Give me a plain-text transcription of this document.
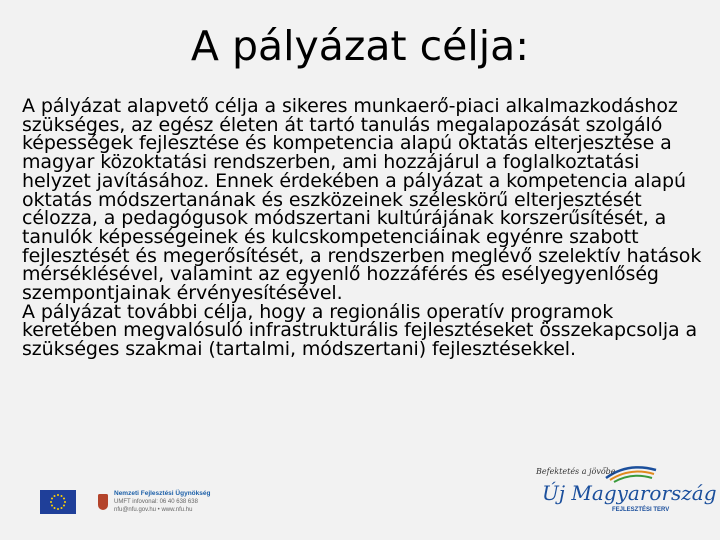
A pályázat célja:

A pályázat alapvető célja a sikeres munkaerő-piaci alkalmazkodáshoz szükséges, az egész életen át tartó tanulás megalapozását szolgáló képességek fejlesztése és kompetencia alapú oktatás elterjesztése a magyar közoktatási rendszerben, ami hozzájárul a foglalkoztatási helyzet javításához. Ennek érdekében a pályázat a kompetencia alapú oktatás módszertanának és eszközeinek széleskörű elterjesztését célozza, a pedagógusok módszertani kultúrájának korszerűsítését, a tanulók képességeinek és kulcskompetenciáinak egyénre szabott fejlesztését és megerősítését, a rendszerben meglévő szelektív hatások mérséklésével, valamint az egyenlő hozzáférés és esélyegyenlőség szempontjainak érvényesítésével.

A pályázat további célja, hogy a regionális operatív programok keretében megvalósuló infrastrukturális fejlesztéseket összekapcsolja a szükséges szakmai (tartalmi, módszertani) fejlesztésekkel.

Nemzeti Fejlesztési Ügynökség
UMFT infovonal: 06 40 638 638
nfu@nfu.gov.hu • www.nfu.hu
Befektetés a jövőbe
Új Magyarország
FEJLESZTÉSI TERV
